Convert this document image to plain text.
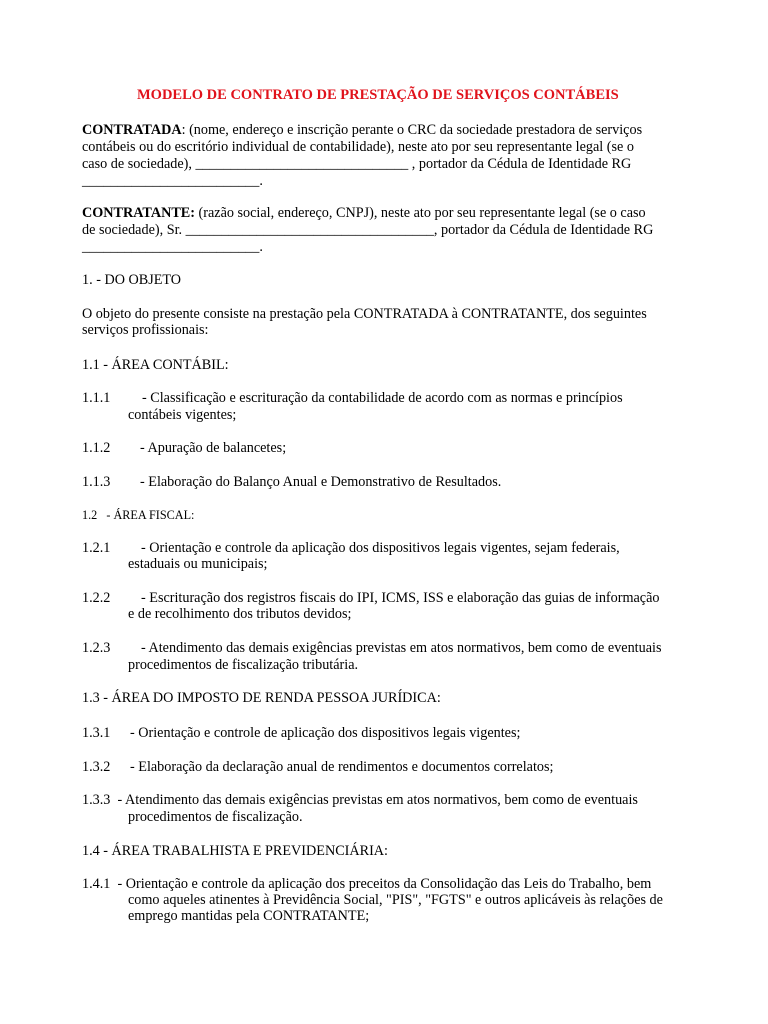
MODELO DE CONTRATO DE PRESTAÇÃO DE SERVIÇOS CONTÁBEIS
CONTRATADA: (nome, endereço e inscrição perante o CRC da sociedade prestadora de serviços
contábeis ou do escritório individual de contabilidade), neste ato por seu representante legal (se o
caso de sociedade), ______________________________ , portador da Cédula de Identidade RG
_________________________.
CONTRATANTE: (razão social, endereço, CNPJ), neste ato por seu representante legal (se o caso
de sociedade), Sr. ___________________________________, portador da Cédula de Identidade RG
_________________________.
1. - DO OBJETO
O objeto do presente consiste na prestação pela CONTRATADA à CONTRATANTE, dos seguintes
serviços profissionais:
1.1 - ÁREA CONTÁBIL:
1.1.1 - Classificação e escrituração da contabilidade de acordo com as normas e princípios
contábeis vigentes;
1.1.2 - Apuração de balancetes;
1.1.3 - Elaboração do Balanço Anual e Demonstrativo de Resultados.
1.2   - ÁREA FISCAL:
1.2.1 - Orientação e controle da aplicação dos dispositivos legais vigentes, sejam federais,
estaduais ou municipais;
1.2.2 - Escrituração dos registros fiscais do IPI, ICMS, ISS e elaboração das guias de informação
e de recolhimento dos tributos devidos;
1.2.3 - Atendimento das demais exigências previstas em atos normativos, bem como de eventuais
procedimentos de fiscalização tributária.
1.3 - ÁREA DO IMPOSTO DE RENDA PESSOA JURÍDICA:
1.3.1 - Orientação e controle de aplicação dos dispositivos legais vigentes;
1.3.2 - Elaboração da declaração anual de rendimentos e documentos correlatos;
1.3.3  - Atendimento das demais exigências previstas em atos normativos, bem como de eventuais
procedimentos de fiscalização.
1.4 - ÁREA TRABALHISTA E PREVIDENCIÁRIA:
1.4.1  - Orientação e controle da aplicação dos preceitos da Consolidação das Leis do Trabalho, bem
como aqueles atinentes à Previdência Social, "PIS", "FGTS" e outros aplicáveis às relações de
emprego mantidas pela CONTRATANTE;
